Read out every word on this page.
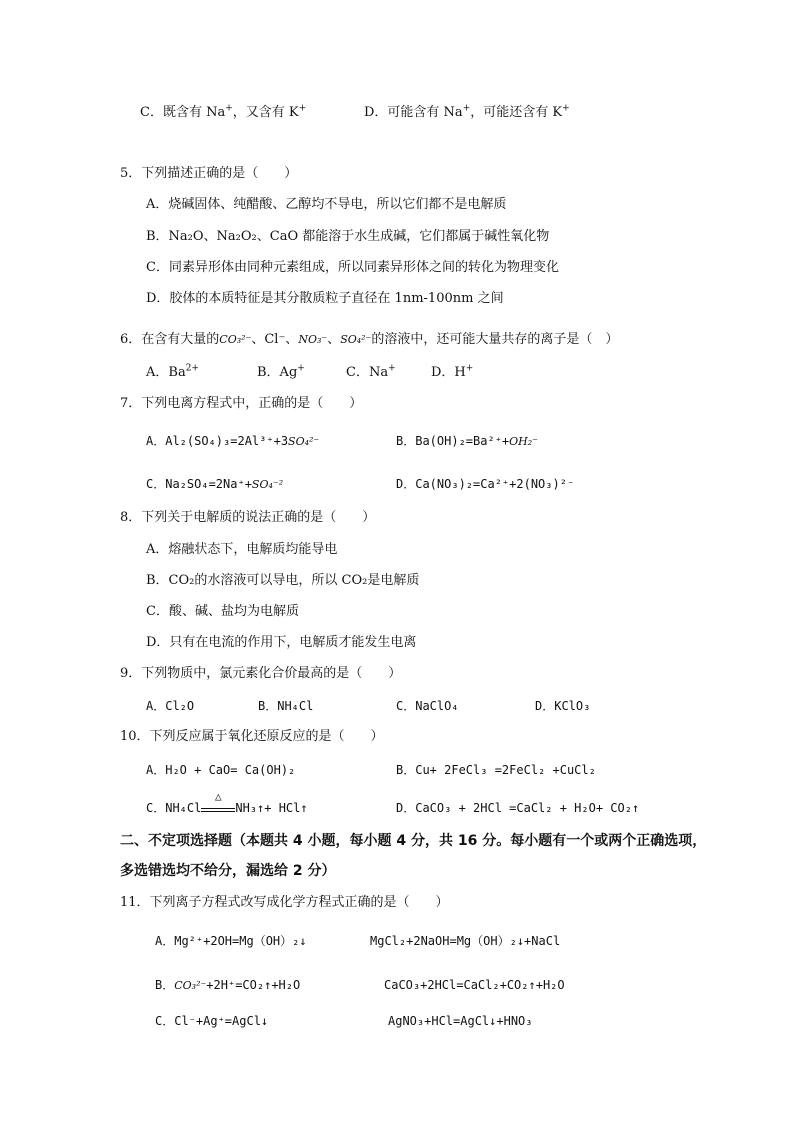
C．既含有 Na+，又含有 K+	D．可能含有 Na+，可能还含有 K+
5．下列描述正确的是（　　）
A．烧碱固体、纯醋酸、乙醇均不导电，所以它们都不是电解质
B．Na₂O、Na₂O₂、CaO 都能溶于水生成碱，它们都属于碱性氧化物
C．同素异形体由同种元素组成，所以同素异形体之间的转化为物理变化
D．胶体的本质特征是其分散质粒子直径在 1nm-100nm 之间
6．在含有大量的CO₃²⁻、Cl⁻、NO₃⁻、SO₄²⁻的溶液中，还可能大量共存的离子是（　）
A．$Ba^{2+}$	B．Ag+	C．Na+	D．H+
7．下列电离方程式中，正确的是（　　）
A．Al₂(SO₄)₃=2Al³⁺+3SO₄²⁻	B．Ba(OH)₂=Ba²⁺+OH₂⁻
C．Na₂SO₄=2Na⁺+SO₄⁻²	D．Ca(NO₃)₂=Ca²⁺+2(NO₃)²⁻
8．下列关于电解质的说法正确的是（　　）
A．熔融状态下，电解质均能导电
B．CO₂的水溶液可以导电，所以 CO₂是电解质
C．酸、碱、盐均为电解质
D．只有在电流的作用下，电解质才能发生电离
9．下列物质中，氯元素化合价最高的是（　　）
A．Cl₂O	B．NH₄Cl	C．NaClO₄	D．KClO₃
10．下列反应属于氧化还原反应的是（　　）
A．H₂O + CaO= Ca(OH)₂	B．Cu+ 2FeCl₃ =2FeCl₂ +CuCl₂
C．NH₄Cl
△
NH₃↑+ HCl↑	D．CaCO₃ + 2HCl =CaCl₂ + H₂O+ CO₂↑
二、不定项选择题（本题共 4 小题，每小题 4 分，共 16 分。每小题有一个或两个正确选项，
多选错选均不给分，漏选给 2 分）
11．下列离子方程式改写成化学方程式正确的是（　　）
A．Mg²⁺+2OH=Mg（OH）₂↓	MgCl₂+2NaOH=Mg（OH）₂↓+NaCl
B．CO₃²⁻+2H⁺=CO₂↑+H₂O	CaCO₃+2HCl=CaCl₂+CO₂↑+H₂O
C．Cl⁻+Ag⁺=AgCl↓	AgNO₃+HCl=AgCl↓+HNO₃
